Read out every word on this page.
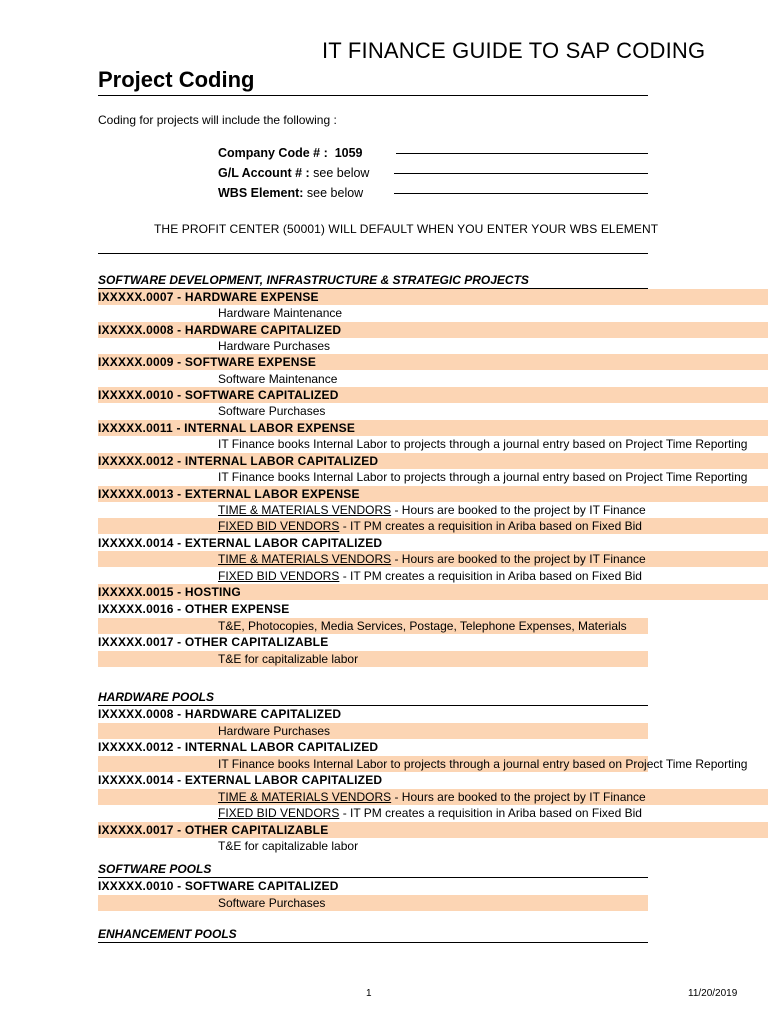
IT FINANCE GUIDE TO SAP CODING
Project Coding
Coding for projects will include the following :
Company Code # : 1059
G/L Account # : see below
WBS Element: see below
THE PROFIT CENTER (50001) WILL DEFAULT WHEN YOU ENTER YOUR WBS ELEMENT
SOFTWARE DEVELOPMENT, INFRASTRUCTURE & STRATEGIC PROJECTS
IXXXXX.0007 - HARDWARE EXPENSE
Hardware Maintenance
IXXXXX.0008 - HARDWARE CAPITALIZED
Hardware Purchases
IXXXXX.0009 - SOFTWARE EXPENSE
Software Maintenance
IXXXXX.0010 - SOFTWARE CAPITALIZED
Software Purchases
IXXXXX.0011 - INTERNAL LABOR EXPENSE
IT Finance books Internal Labor to projects through a journal entry based on Project Time Reporting
IXXXXX.0012 - INTERNAL LABOR CAPITALIZED
IT Finance books Internal Labor to projects through a journal entry based on Project Time Reporting
IXXXXX.0013 - EXTERNAL LABOR EXPENSE
TIME & MATERIALS VENDORS - Hours are booked to the project by IT Finance
FIXED BID VENDORS - IT PM creates a requisition in Ariba based on Fixed Bid
IXXXXX.0014 - EXTERNAL LABOR CAPITALIZED
TIME & MATERIALS VENDORS - Hours are booked to the project by IT Finance
FIXED BID VENDORS - IT PM creates a requisition in Ariba based on Fixed Bid
IXXXXX.0015 - HOSTING
IXXXXX.0016 - OTHER EXPENSE
T&E, Photocopies, Media Services, Postage, Telephone Expenses, Materials
IXXXXX.0017 - OTHER CAPITALIZABLE
T&E for capitalizable labor
HARDWARE POOLS
IXXXXX.0008 - HARDWARE CAPITALIZED
Hardware Purchases
IXXXXX.0012 - INTERNAL LABOR CAPITALIZED
IT Finance books Internal Labor to projects through a journal entry based on Project Time Reporting
IXXXXX.0014 - EXTERNAL LABOR CAPITALIZED
TIME & MATERIALS VENDORS - Hours are booked to the project by IT Finance
FIXED BID VENDORS - IT PM creates a requisition in Ariba based on Fixed Bid
IXXXXX.0017 - OTHER CAPITALIZABLE
T&E for capitalizable labor
SOFTWARE POOLS
IXXXXX.0010 - SOFTWARE CAPITALIZED
Software Purchases
ENHANCEMENT POOLS
1	11/20/2019
